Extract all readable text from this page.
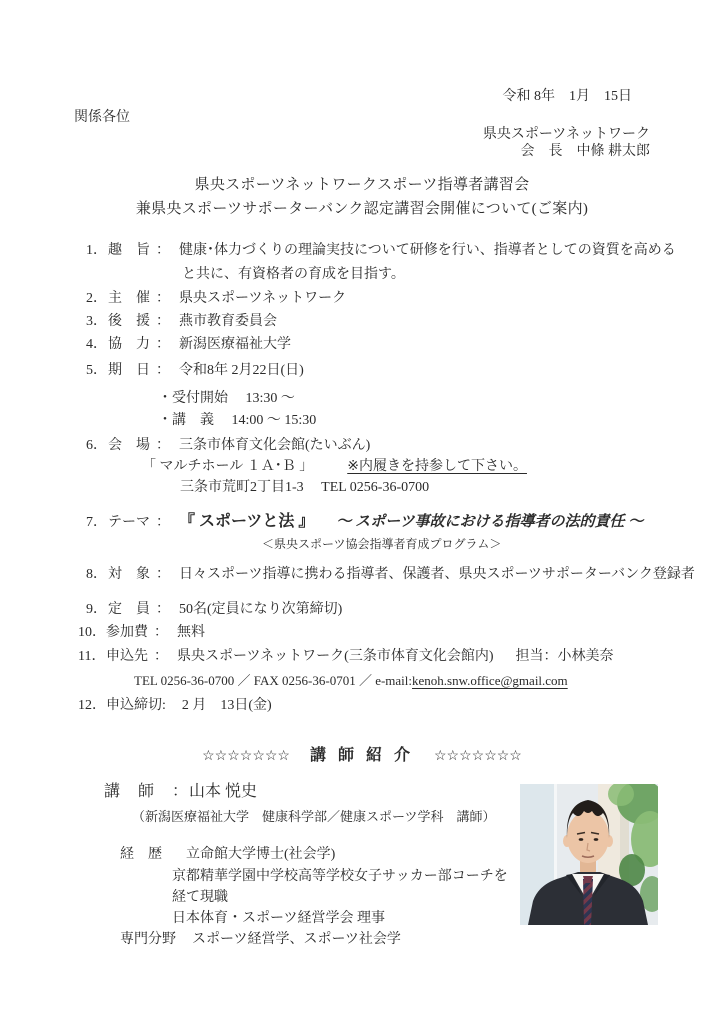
令和 8年　1月　15日
関係各位
県央スポーツネットワーク
会　長　中條 耕太郎
県央スポーツネットワークスポーツ指導者講習会
兼県央スポーツサポーターバンク認定講習会開催について(ご案内)
1．趣　旨 ： 健康･体力づくりの理論実技について研修を行い、指導者としての資質を高める
と共に、有資格者の育成を目指す。
2．主　催 ： 県央スポーツネットワーク
3．後　援 ： 燕市教育委員会
4．協　力 ： 新潟医療福祉大学
5．期　日 ： 令和8年 2月22日(日)
・受付開始　 13:30 ～
・講　義　 14:00 ～ 15:30
6．会　場 ： 三条市体育文化会館(たいぶん)
「 マルチホール １Ａ･Ｂ 」 ※内履きを持参して下さい。
三条市荒町2丁目1-3　 TEL 0256-36-0700
7．テーマ ： 『 スポーツと法 』 ～ スポーツ事故における指導者の法的責任 ～
＜県央スポーツ協会指導者育成プログラム＞
8．対　象 ： 日々スポーツ指導に携わる指導者、保護者、県央スポーツサポーターバンク登録者
9．定　員 ： 50名(定員になり次第締切)
10．参加費 ： 無料
11．申込先 ： 県央スポーツネットワーク(三条市体育文化会館内) 担当：小林美奈
TEL 0256-36-0700 ／ FAX 0256-36-0701 ／ e-mail:kenoh.snw.office@gmail.com
12．申込締切: 2 月　13日(金)
☆☆☆☆☆☆☆ 講 師 紹 介 ☆☆☆☆☆☆☆
講　師　：山本 悦史
（新潟医療福祉大学　健康科学部／健康スポーツ学科　講師）
経　歴 立命館大学博士(社会学)
京都精華学園中学校高等学校女子サッカー部コーチを
経て現職
日本体育・スポーツ経営学会 理事
専門分野 スポーツ経営学、スポーツ社会学
